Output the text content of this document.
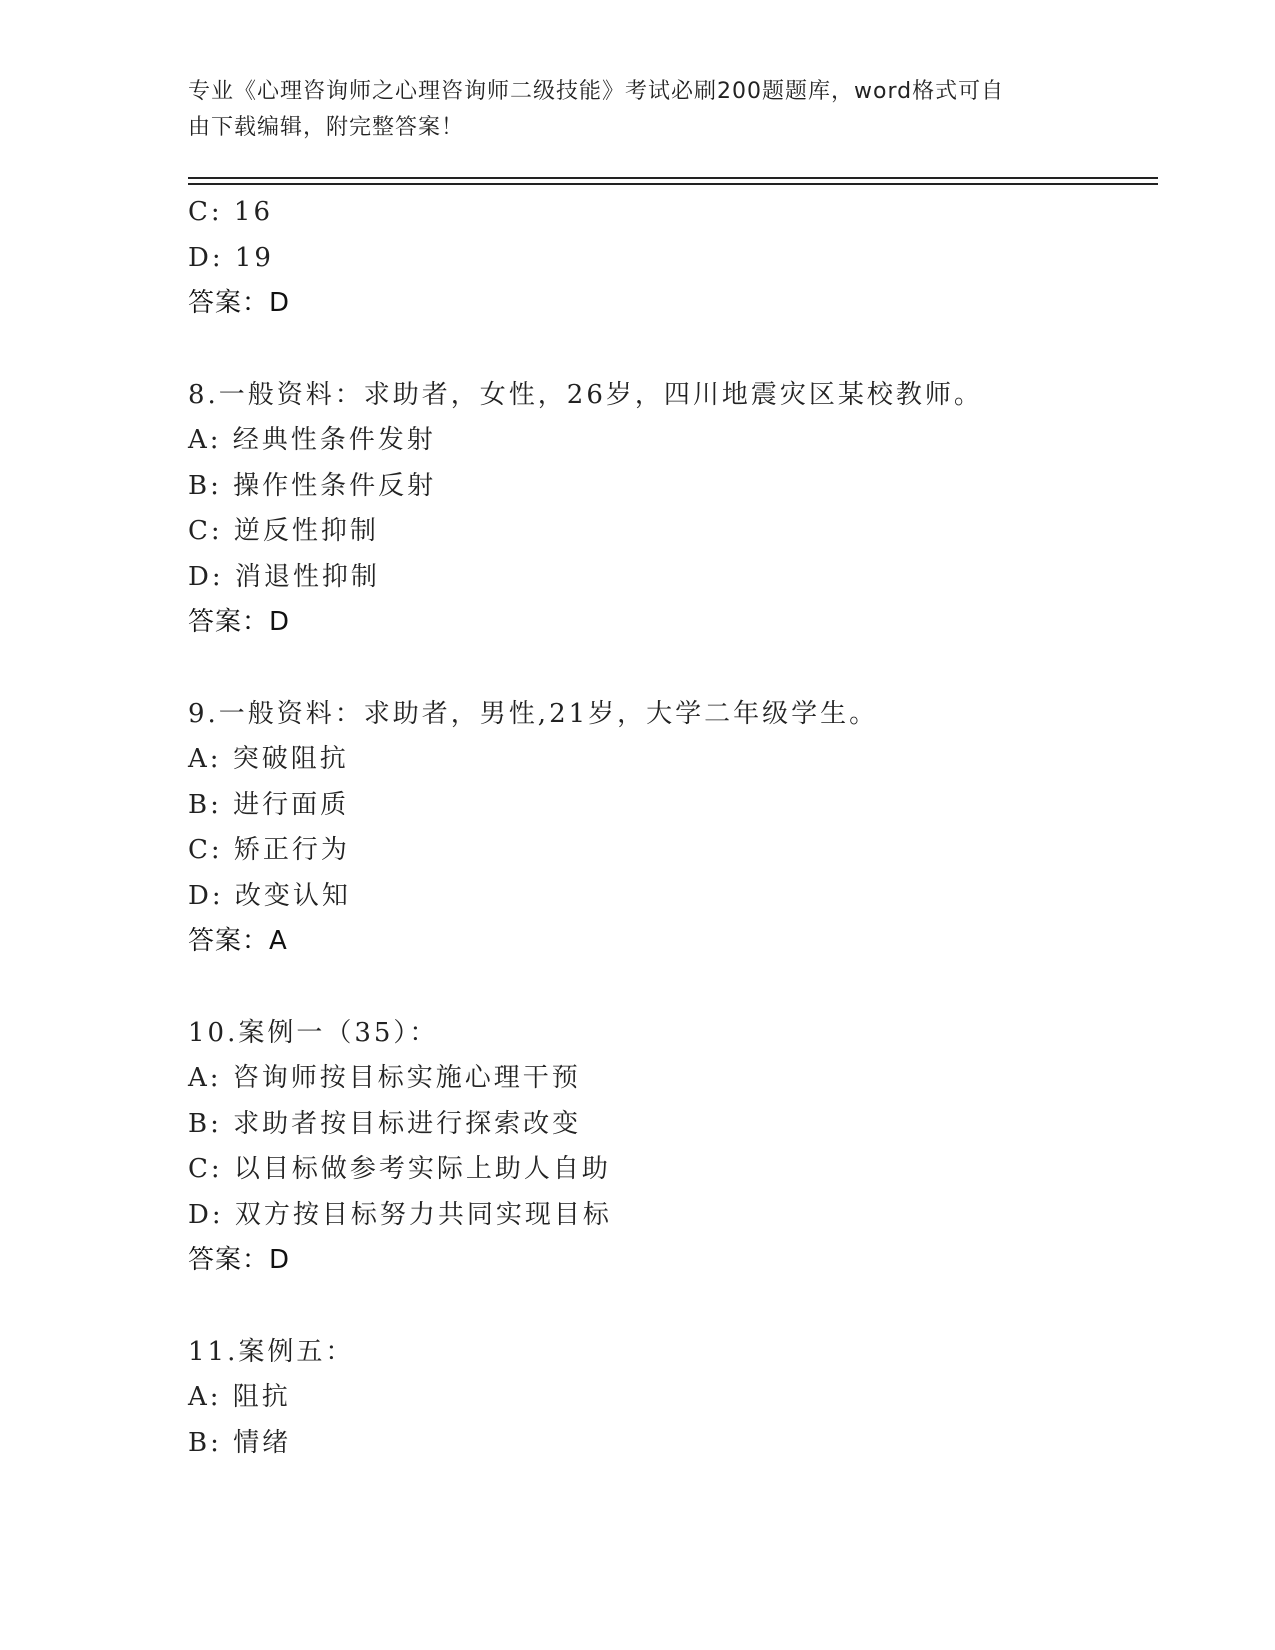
专业《心理咨询师之心理咨询师二级技能》考试必刷200题题库，word格式可自
由下载编辑，附完整答案！
C: 16
D: 19
答案：D
8.一般资料：求助者，女性，26岁，四川地震灾区某校教师。
A: 经典性条件发射
B: 操作性条件反射
C: 逆反性抑制
D: 消退性抑制
答案：D
9.一般资料：求助者，男性,21岁，大学二年级学生。
A: 突破阻抗
B: 进行面质
C: 矫正行为
D: 改变认知
答案：A
10.案例一（35）：
A: 咨询师按目标实施心理干预
B: 求助者按目标进行探索改变
C: 以目标做参考实际上助人自助
D: 双方按目标努力共同实现目标
答案：D
11.案例五：
A: 阻抗
B: 情绪
